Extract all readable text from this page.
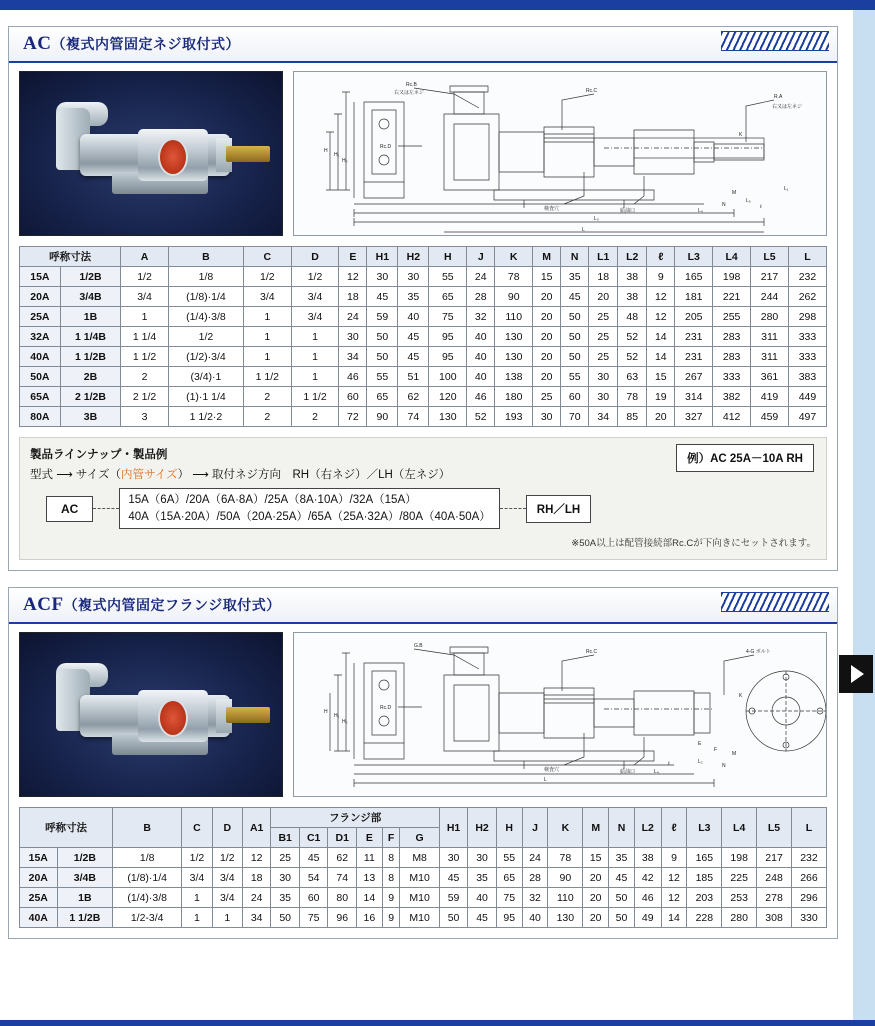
AC（複式内管固定ネジ取付式）
Rc.C
Rc.B
右又は左ネジ
R.A
右又は左ネジ
K
M
N	ℓ
Rc.D
検査穴	給油口
H
H₁
H₂
L₁
L₅
L₄
L₃
L
呼称寸法		A	B	C	D	E	H1	H2	H	J	K	M	N	L1	L2	ℓ	L3	L4	L5	L
15A	1/2B	1/2	1/8	1/2	1/2	12	30	30	55	24	78	15	35	18	38	9	165	198	217	232
20A	3/4B	3/4	(1/8)·1/4	3/4	3/4	18	45	35	65	28	90	20	45	20	38	12	181	221	244	262
25A	1B	1	(1/4)·3/8	1	3/4	24	59	40	75	32	110	20	50	25	48	12	205	255	280	298
32A	1 1/4B	1 1/4	1/2	1	1	30	50	45	95	40	130	20	50	25	52	14	231	283	311	333
40A	1 1/2B	1 1/2	(1/2)·3/4	1	1	34	50	45	95	40	130	20	50	25	52	14	231	283	311	333
50A	2B	2	(3/4)·1	1 1/2	1	46	55	51	100	40	138	20	55	30	63	15	267	333	361	383
65A	2 1/2B	2 1/2	(1)·1 1/4	2	1 1/2	60	65	62	120	46	180	25	60	30	78	19	314	382	419	449
80A	3B	3	1 1/2·2	2	2	72	90	74	130	52	193	30	70	34	85	20	327	412	459	497
製品ラインナップ・製品例
型式 ⟶ サイズ（内管サイズ） ⟶ 取付ネジ方向　RH（右ネジ）／LH（左ネジ）
例）AC 25A－10A RH
AC
15A（6A）/20A（6A·8A）/25A（8A·10A）/32A（15A）
40A（15A·20A）/50A（20A·25A）/65A（25A·32A）/80A（40A·50A）
RH／LH
※50A以上は配管接続部Rc.Cが下向きにセットされます。
ACF（複式内管固定フランジ取付式）
Rc.C
G.B
4-G ボルト
K
M
N
Rc.D
検査穴	給油口
E
F
H
H₁
H₂
L₂
L₄
L
ℓ
呼称寸法		B	C	D	A1	フランジ部						H1	H2	H	J	K	M	N	L2	ℓ	L3	L4	L5	L
						B1	C1	D1	E	F	G													
15A	1/2B	1/8	1/2	1/2	12	25	45	62	11	8	M8	30	30	55	24	78	15	35	38	9	165	198	217	232
20A	3/4B	(1/8)·1/4	3/4	3/4	18	30	54	74	13	8	M10	45	35	65	28	90	20	45	42	12	185	225	248	266
25A	1B	(1/4)·3/8	1	3/4	24	35	60	80	14	9	M10	59	40	75	32	110	20	50	46	12	203	253	278	296
40A	1 1/2B	1/2-3/4	1	1	34	50	75	96	16	9	M10	50	45	95	40	130	20	50	49	14	228	280	308	330
